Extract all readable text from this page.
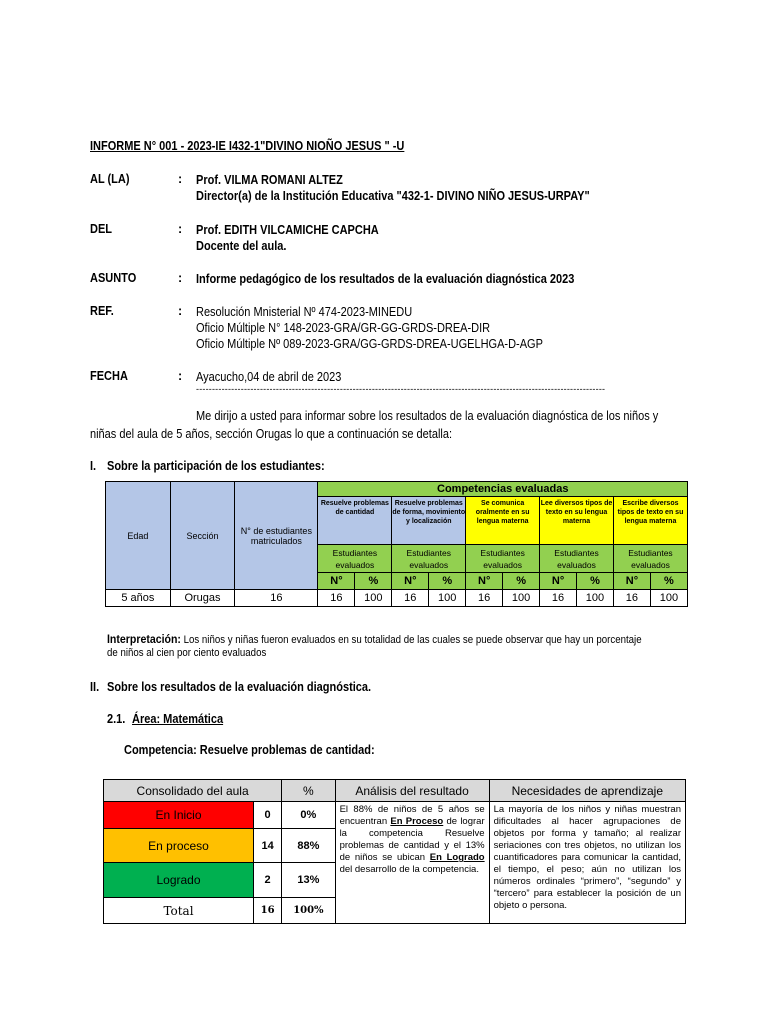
INFORME N° 001 - 2023-IE I432-1"DIVINO NIOÑO JESUS " -U
AL (LA)	: Prof. VILMA ROMANI ALTEZ
Director(a) de la Institución Educativa "432-1- DIVINO NIÑO JESUS-URPAY"
DEL	: Prof. EDITH VILCAMICHE CAPCHA
Docente del aula.
ASUNTO	: Informe pedagógico de los resultados de la evaluación diagnóstica 2023
REF.	: Resolución Mnisterial Nº 474-2023-MINEDU
Oficio Múltiple N° 148-2023-GRA/GR-GG-GRDS-DREA-DIR
Oficio Múltiple Nº 089-2023-GRA/GG-GRDS-DREA-UGELHGA-D-AGP
FECHA	: Ayacucho,04 de abril de 2023
--------------------------------------------------------------------------------------------------------------------------------
Me dirijo a usted para informar sobre los resultados de la evaluación diagnóstica de los niños y
niñas del aula de 5 años, sección Orugas lo que a continuación se detalla:
I. Sobre la participación de los estudiantes:
Edad	Sección	N° de estudiantes matriculados	Competencias evaluadas									
			Resuelve problemas de cantidad		Resuelve problemas de forma, movimiento y localización		Se comunica oralmente en su lengua materna		Lee diversos tipos de texto en su lengua materna		Escribe diversos tipos de texto en su lengua materna	
			Estudiantes evaluados		Estudiantes evaluados		Estudiantes evaluados		Estudiantes evaluados		Estudiantes evaluados	
			N°	%	N°	%	N°	%	N°	%	N°	%
5 años	Orugas	16	16	100	16	100	16	100	16	100	16	100
Interpretación: Los niños y niñas fueron evaluados en su totalidad de las cuales se puede observar que hay un porcentaje
de niños al cien por ciento evaluados
II. Sobre los resultados de la evaluación diagnóstica.
2.1. Área: Matemática
Competencia: Resuelve problemas de cantidad:
Consolidado del aula		%	Análisis del resultado	Necesidades de aprendizaje
En Inicio	0	0%	El 88% de niños de 5 años se encuentran En Proceso de lograr la competencia Resuelve problemas de cantidad y el 13% de niños se ubican En Logrado del desarrollo de la competencia.	La mayoría de los niños y niñas muestran dificultades al hacer agrupaciones de objetos por forma y tamaño; al realizar seriaciones con tres objetos, no utilizan los cuantificadores para comunicar la cantidad, el tiempo, el peso; aún no utilizan los números ordinales “primero”, “segundo” y “tercero” para establecer la posición de un objeto o persona.
En proceso	14	88%		
Logrado	2	13%		
Total	16	100%		
